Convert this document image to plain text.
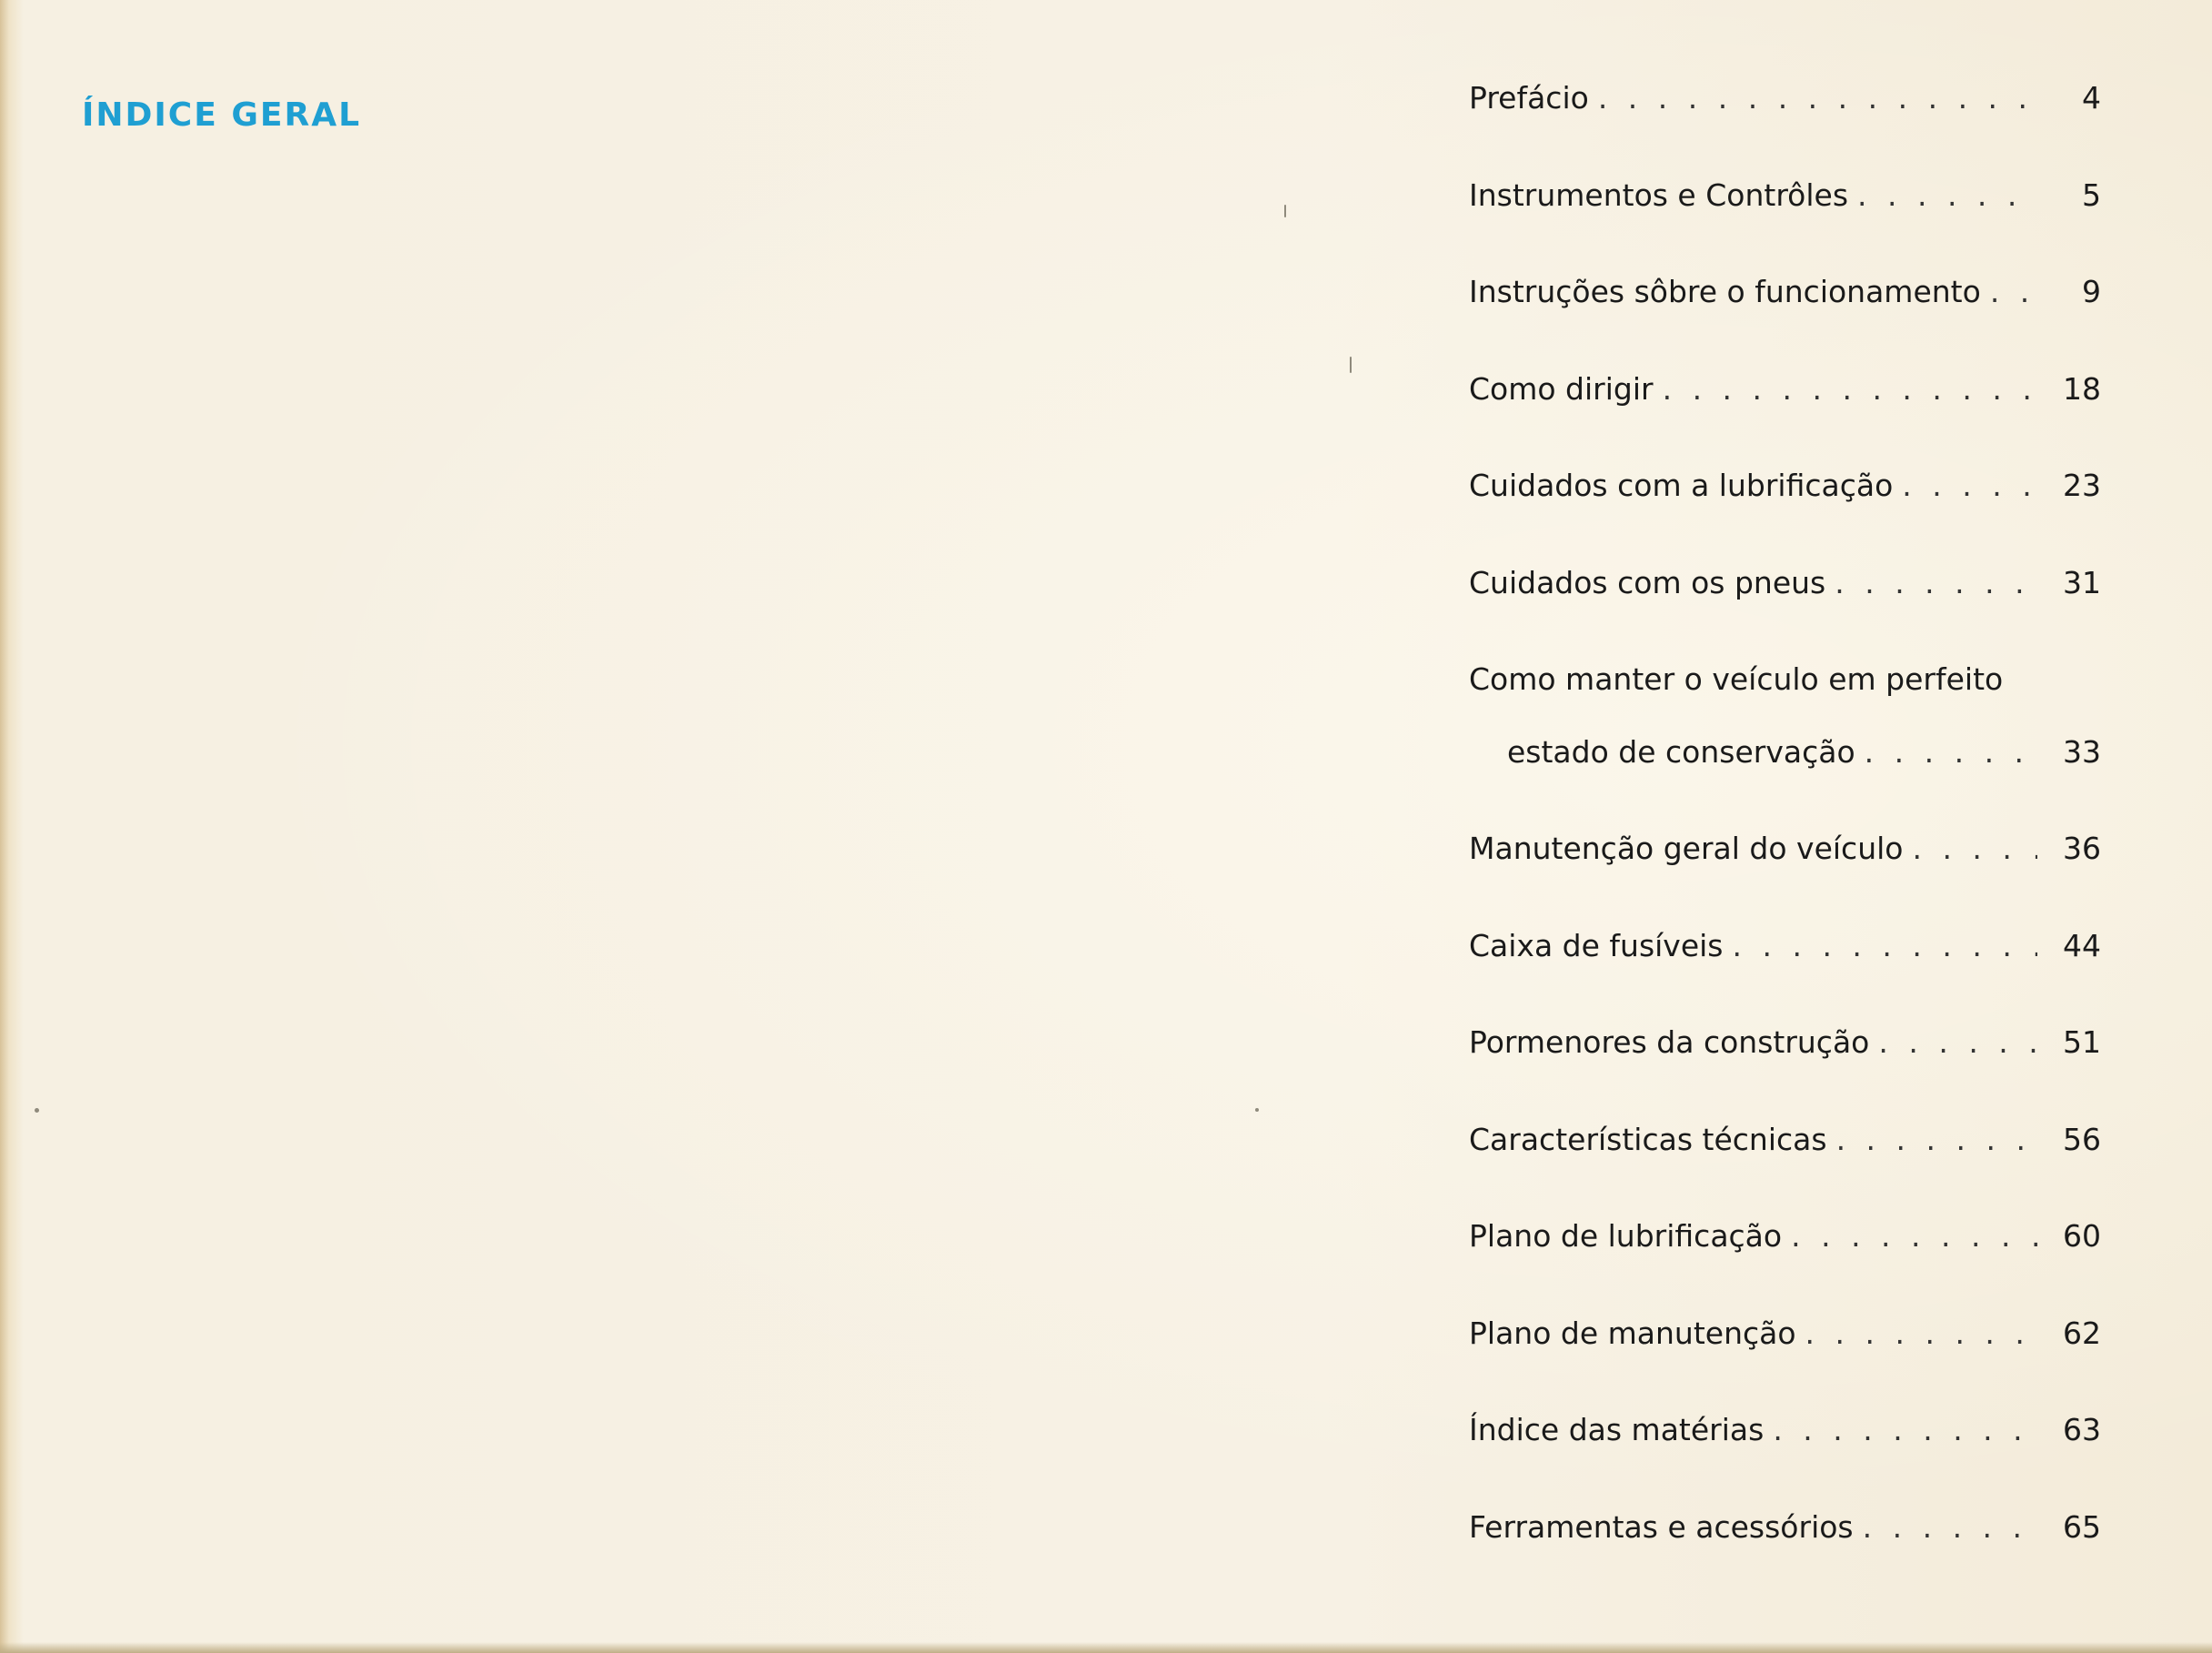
ÍNDICE GERAL	Prefácio . . .	4
Instrumentos e Contrôles . . .	5
Instruções sôbre o funcionamento . . .	9
Como dirigir . . .	18
Cuidados com a lubrificação . . .	23
Cuidados com os pneus . . .	31
Como manter o veículo em perfeito
estado de conservação . . .	33
Manutenção geral do veículo . . .	36
Caixa de fusíveis . . .	44
Pormenores da construção . . .	51
Características técnicas . . .	56
Plano de lubrificação . . .	60
Plano de manutenção . . .	62
Índice das matérias . . .	63
Ferramentas e acessórios . . .	65
